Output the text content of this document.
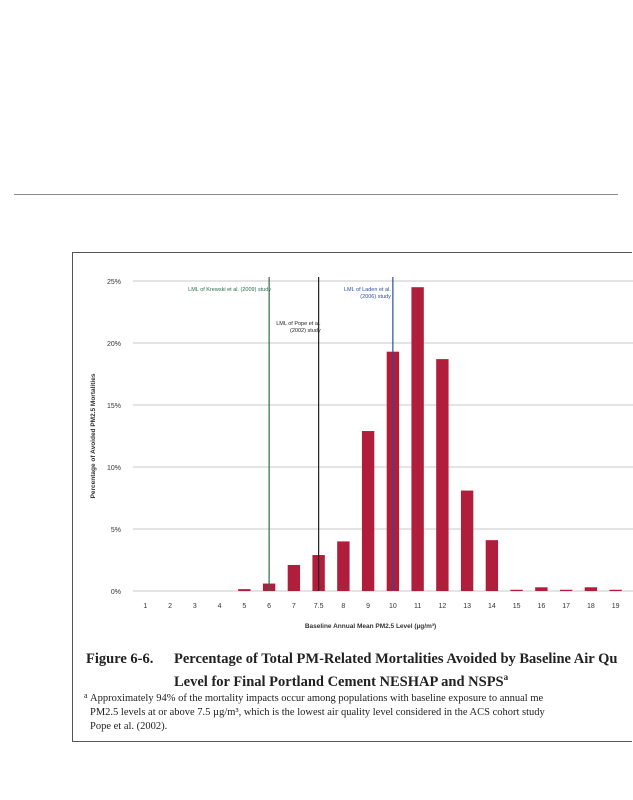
0%
5%
10%
15%
20%
25%
1	2	3	4	5	6	7	7.5	8	9	10 11 12 13 14 15 16 17 18 19
LML of Krewski et al. (2009) study
LML of Pope et al. (2002) study
LML of Laden et al. (2006) study
Percentage of Avoided PM2.5 Mortalities
Baseline Annual Mean PM2.5 Level (µg/m³)
Figure 6-6. Percentage of Total PM-Related Mortalities Avoided by Baseline Air Qu
Level for Final Portland Cement NESHAP and NSPS$^a$
a Approximately 94% of the mortality impacts occur among populations with baseline exposure to annual me
PM2.5 levels at or above 7.5 µg/m³, which is the lowest air quality level considered in the ACS cohort study
Pope et al. (2002).
